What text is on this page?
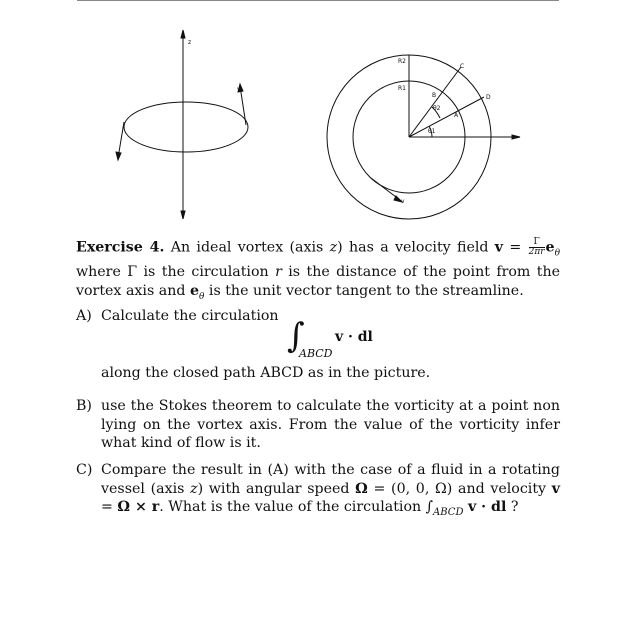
z
v
R2
R1
A
B
C
D
θ1
θ2
v
Exercise 4. An ideal vortex (axis z) has a velocity field $v = \frac{\Gamma}{2\pi r} e_\theta$ where Γ is the circulation r is the distance of the point from the vortex axis and $e_\theta$ is the unit vector tangent to the streamline.
A) Calculate the circulation ∫
ABCD
v · dl
along the closed path ABCD as in the picture.
B) use the Stokes theorem to calculate the vorticity at a point non lying on the vortex axis. From the value of the vorticity infer what kind of flow is it.
C) Compare the result in (A) with the case of a fluid in a rotating vessel (axis z) with angular speed Ω = (0, 0, Ω) and velocity v = Ω × r. What is the value of the circulation $\int_{ABCD}$ v · dl ?
